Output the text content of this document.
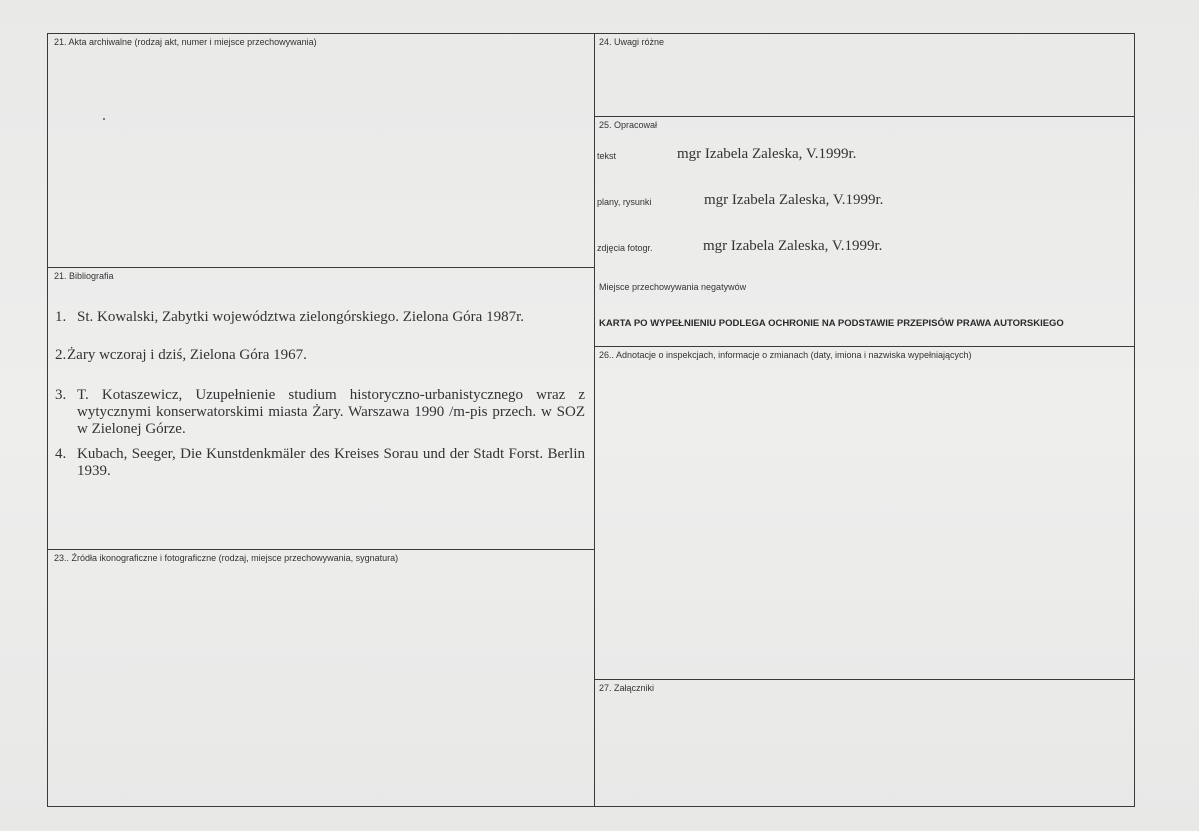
21. Akta archiwalne (rodzaj akt, numer i miejsce przechowywania)
21. Bibliografia
1. St. Kowalski, Zabytki województwa zielongórskiego. Zielona Góra 1987r.
2. Żary wczoraj i dziś, Zielona Góra 1967.
3. T. Kotaszewicz, Uzupełnienie studium historyczno-urbanistycznego wraz z wytycznymi konserwatorskimi miasta Żary. Warszawa 1990 /m-pis przech. w SOZ w Zielonej Górze.
4. Kubach, Seeger, Die Kunstdenkmäler des Kreises Sorau und der Stadt Forst. Berlin 1939.
23.. Źródła ikonograficzne i fotograficzne (rodzaj, miejsce przechowywania, sygnatura)
24. Uwagi różne
25. Opracował
tekst	mgr Izabela Zaleska, V.1999r.
plany, rysunki	mgr Izabela Zaleska, V.1999r.
zdjęcia fotogr.	mgr Izabela Zaleska, V.1999r.
Miejsce przechowywania negatywów
KARTA PO WYPEŁNIENIU PODLEGA OCHRONIE NA PODSTAWIE PRZEPISÓW PRAWA AUTORSKIEGO
26.. Adnotacje o inspekcjach, informacje o zmianach (daty, imiona i nazwiska wypełniających)
27. Załączniki
